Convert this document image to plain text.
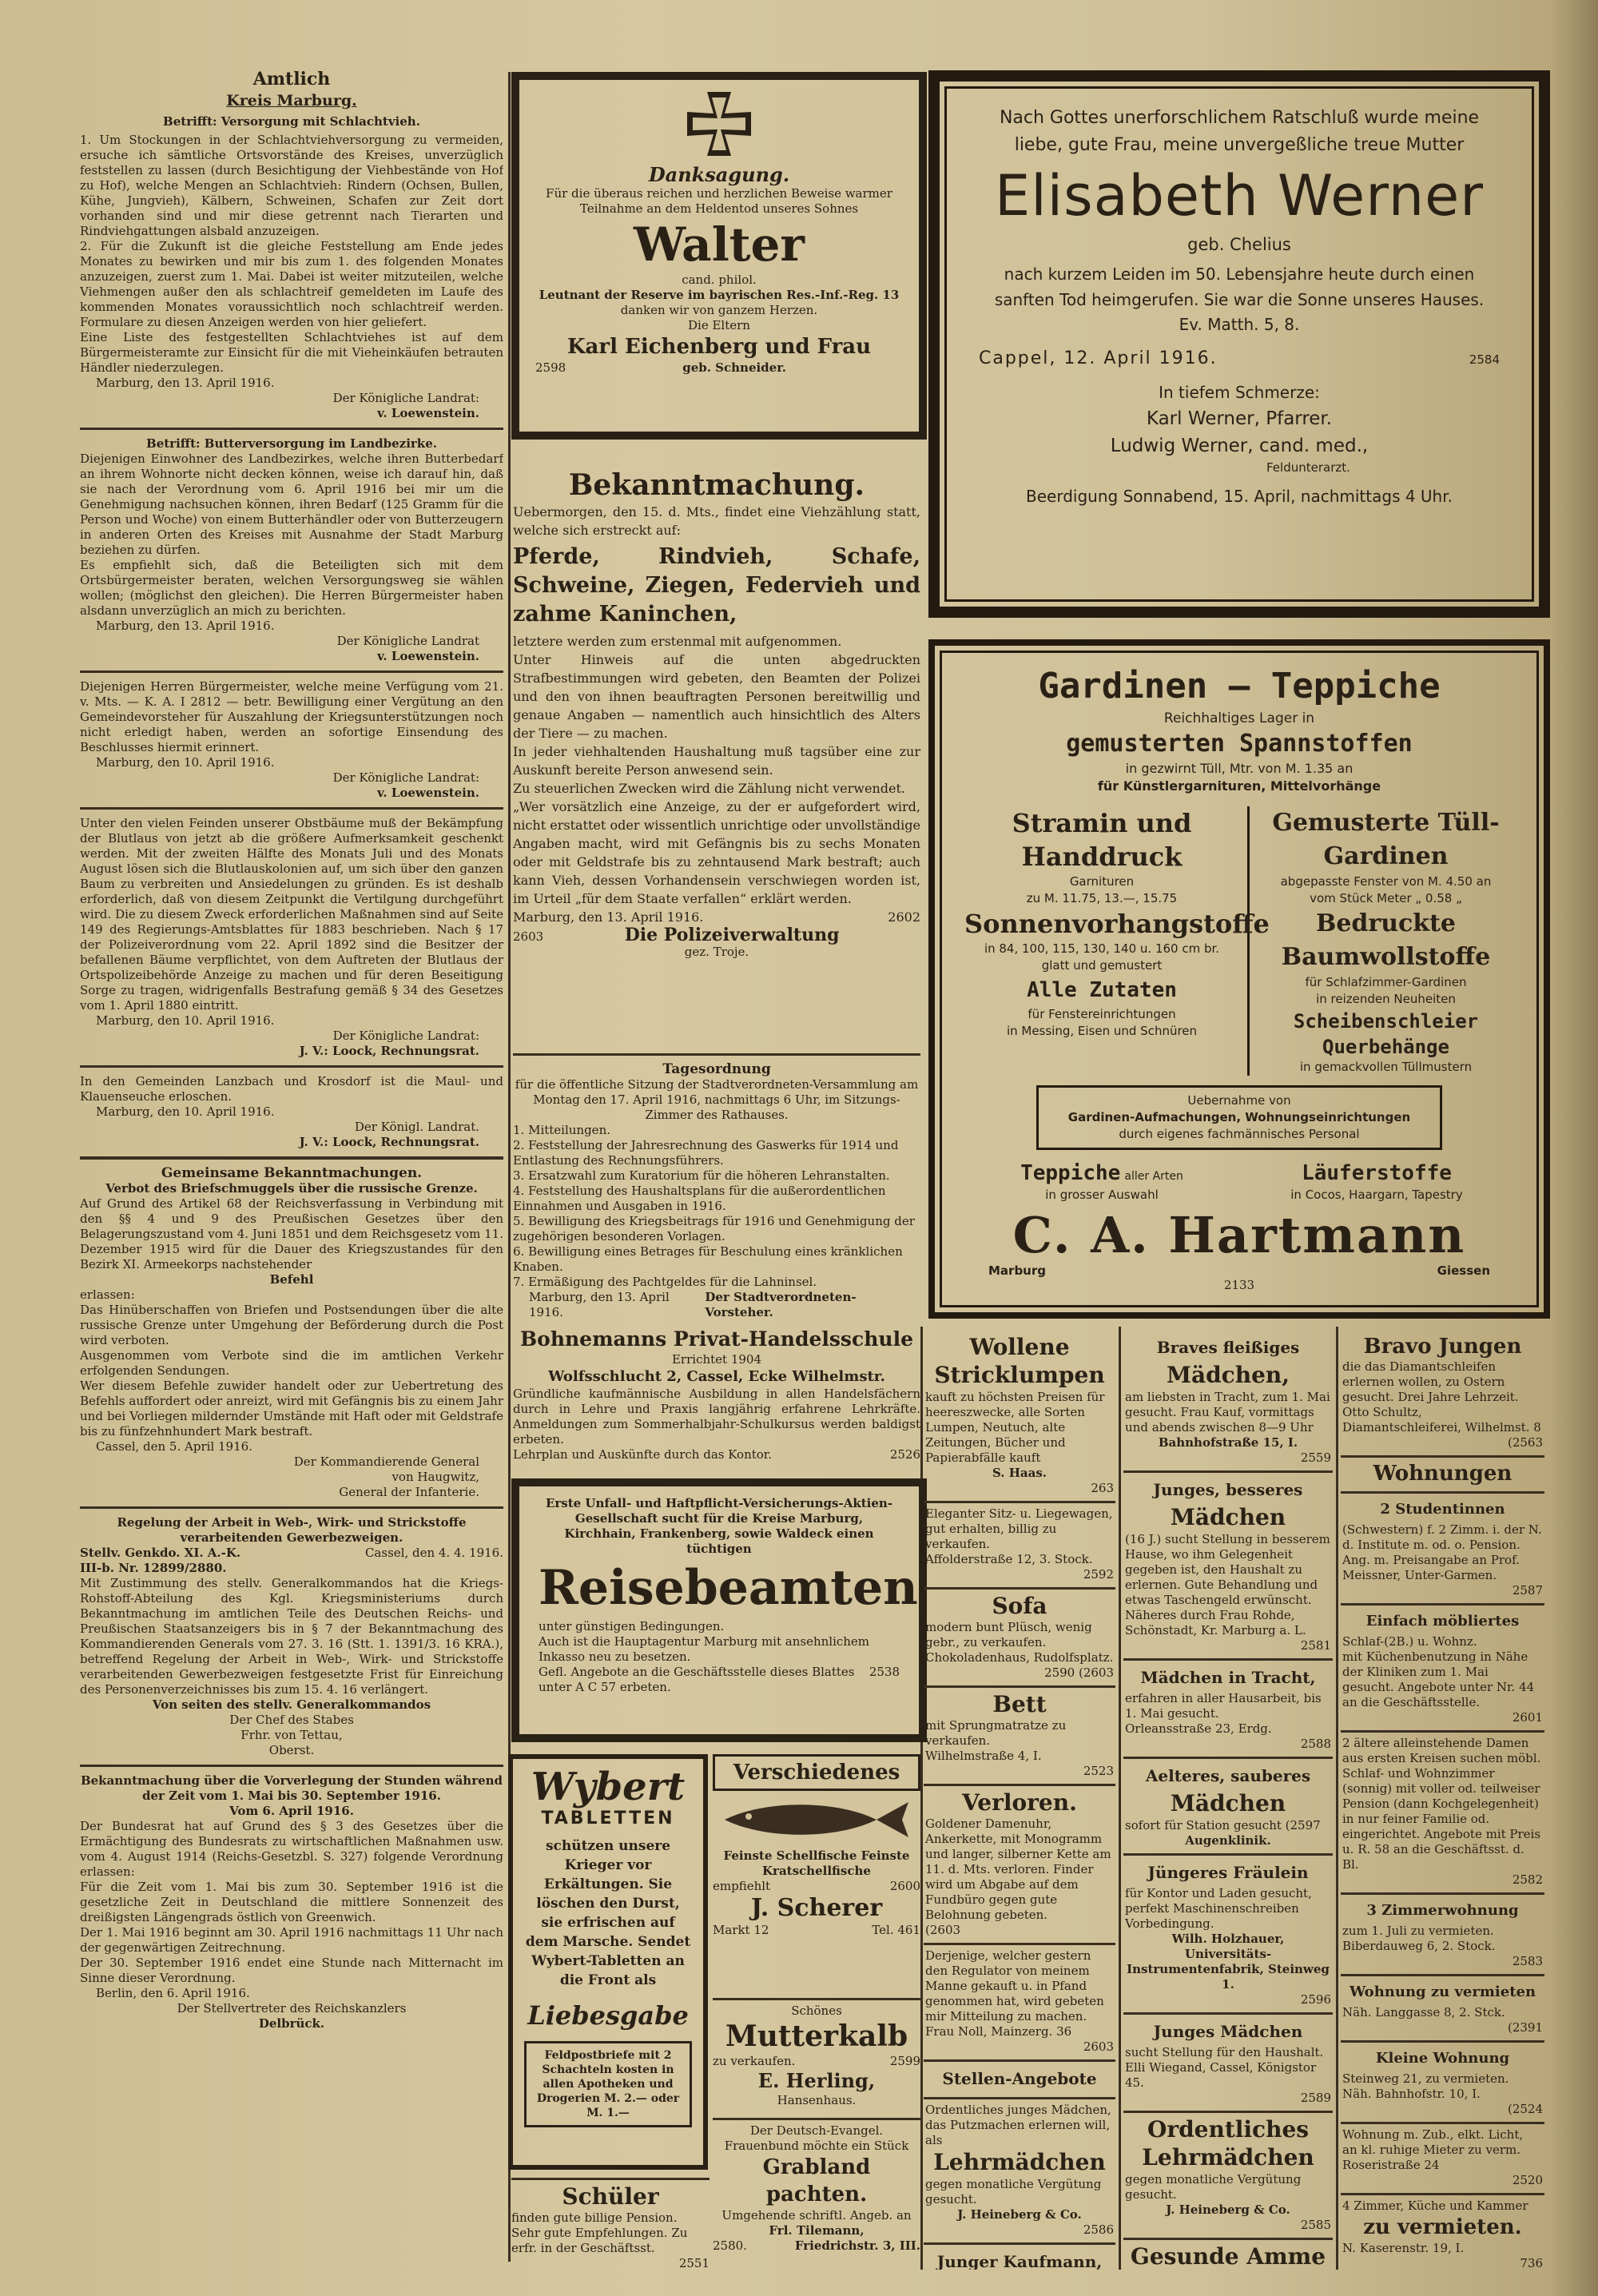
Amtlich

Kreis Marburg.

Betrifft: Versorgung mit Schlachtvieh.

1. Um Stockungen in der Schlachtviehversorgung zu vermeiden, ersuche ich sämtliche Ortsvorstände des Kreises, unverzüglich feststellen zu lassen (durch Besichtigung der Viehbestände von Hof zu Hof), welche Mengen an Schlachtvieh: Rindern (Ochsen, Bullen, Kühe, Jungvieh), Kälbern, Schweinen, Schafen zur Zeit dort vorhanden sind und mir diese getrennt nach Tierarten und Rindviehgattungen alsbald anzuzeigen.

2. Für die Zukunft ist die gleiche Feststellung am Ende jedes Monates zu bewirken und mir bis zum 1. des folgenden Monates anzuzeigen, zuerst zum 1. Mai. Dabei ist weiter mitzuteilen, welche Viehmengen außer den als schlachtreif gemeldeten im Laufe des kommenden Monates voraussichtlich noch schlachtreif werden. Formulare zu diesen Anzeigen werden von hier geliefert.

Eine Liste des festgestellten Schlachtviehes ist auf dem Bürgermeisteramte zur Einsicht für die mit Vieheinkäufen betrauten Händler niederzulegen.

Marburg, den 13. April 1916.

Der Königliche Landrat:

v. Loewenstein.

Betrifft: Butterversorgung im Landbezirke.

Diejenigen Einwohner des Landbezirkes, welche ihren Butterbedarf an ihrem Wohnorte nicht decken können, weise ich darauf hin, daß sie nach der Verordnung vom 6. April 1916 bei mir um die Genehmigung nachsuchen können, ihren Bedarf (125 Gramm für die Person und Woche) von einem Butterhändler oder von Butterzeugern in anderen Orten des Kreises mit Ausnahme der Stadt Marburg beziehen zu dürfen.

Es empfiehlt sich, daß die Beteiligten sich mit dem Ortsbürgermeister beraten, welchen Versorgungsweg sie wählen wollen; (möglichst den gleichen). Die Herren Bürgermeister haben alsdann unverzüglich an mich zu berichten.

Marburg, den 13. April 1916.

Der Königliche Landrat

v. Loewenstein.

Diejenigen Herren Bürgermeister, welche meine Verfügung vom 21. v. Mts. — K. A. I 2812 — betr. Bewilligung einer Vergütung an den Gemeindevorsteher für Auszahlung der Kriegsunterstützungen noch nicht erledigt haben, werden an sofortige Einsendung des Beschlusses hiermit erinnert.

Marburg, den 10. April 1916.

Der Königliche Landrat:

v. Loewenstein.

Unter den vielen Feinden unserer Obstbäume muß der Bekämpfung der Blutlaus von jetzt ab die größere Aufmerksamkeit geschenkt werden. Mit der zweiten Hälfte des Monats Juli und des Monats August lösen sich die Blutlauskolonien auf, um sich über den ganzen Baum zu verbreiten und Ansiedelungen zu gründen. Es ist deshalb erforderlich, daß von diesem Zeitpunkt die Vertilgung durchgeführt wird. Die zu diesem Zweck erforderlichen Maßnahmen sind auf Seite 149 des Regierungs-Amtsblattes für 1883 beschrieben. Nach § 17 der Polizeiverordnung vom 22. April 1892 sind die Besitzer der befallenen Bäume verpflichtet, von dem Auftreten der Blutlaus der Ortspolizeibehörde Anzeige zu machen und für deren Beseitigung Sorge zu tragen, widrigenfalls Bestrafung gemäß § 34 des Gesetzes vom 1. April 1880 eintritt.

Marburg, den 10. April 1916.

Der Königliche Landrat:

J. V.: Loock, Rechnungsrat.

In den Gemeinden Lanzbach und Krosdorf ist die Maul- und Klauenseuche erloschen.

Marburg, den 10. April 1916.

Der Königl. Landrat.

J. V.: Loock, Rechnungsrat.

Gemeinsame Bekanntmachungen.

Verbot des Briefschmuggels über die russische Grenze.

Auf Grund des Artikel 68 der Reichsverfassung in Verbindung mit den §§ 4 und 9 des Preußischen Gesetzes über den Belagerungszustand vom 4. Juni 1851 und dem Reichsgesetz vom 11. Dezember 1915 wird für die Dauer des Kriegszustandes für den Bezirk XI. Armeekorps nachstehender

Befehl

erlassen:

Das Hinüberschaffen von Briefen und Postsendungen über die alte russische Grenze unter Umgehung der Beförderung durch die Post wird verboten.

Ausgenommen vom Verbote sind die im amtlichen Verkehr erfolgenden Sendungen.

Wer diesem Befehle zuwider handelt oder zur Uebertretung des Befehls auffordert oder anreizt, wird mit Gefängnis bis zu einem Jahr und bei Vorliegen mildernder Umstände mit Haft oder mit Geldstrafe bis zu fünfzehnhundert Mark bestraft.

Cassel, den 5. April 1916.

Der Kommandierende General

von Haugwitz,

General der Infanterie.

Regelung der Arbeit in Web-, Wirk- und Strickstoffe verarbeitenden Gewerbezweigen.

Stellv. Genkdo. XI. A.-K.	Cassel, den 4. 4. 1916.

III-b. Nr. 12899/2880.

Mit Zustimmung des stellv. Generalkommandos hat die Kriegs-Rohstoff-Abteilung des Kgl. Kriegsministeriums durch Bekanntmachung im amtlichen Teile des Deutschen Reichs- und Preußischen Staatsanzeigers bis in § 7 der Bekanntmachung des Kommandierenden Generals vom 27. 3. 16 (Stt. 1. 1391/3. 16 KRA.), betreffend Regelung der Arbeit in Web-, Wirk- und Strickstoffe verarbeitenden Gewerbezweigen festgesetzte Frist für Einreichung des Personenverzeichnisses bis zum 15. 4. 16 verlängert.

Von seiten des stellv. Generalkommandos

Der Chef des Stabes

Frhr. von Tettau,

Oberst.

Bekanntmachung über die Vorverlegung der Stunden während der Zeit vom 1. Mai bis 30. September 1916.

Vom 6. April 1916.

Der Bundesrat hat auf Grund des § 3 des Gesetzes über die Ermächtigung des Bundesrats zu wirtschaftlichen Maßnahmen usw. vom 4. August 1914 (Reichs-Gesetzbl. S. 327) folgende Verordnung erlassen:

Für die Zeit vom 1. Mai bis zum 30. September 1916 ist die gesetzliche Zeit in Deutschland die mittlere Sonnenzeit des dreißigsten Längengrads östlich von Greenwich.

Der 1. Mai 1916 beginnt am 30. April 1916 nachmittags 11 Uhr nach der gegenwärtigen Zeitrechnung.

Der 30. September 1916 endet eine Stunde nach Mitternacht im Sinne dieser Verordnung.

Berlin, den 6. April 1916.

Der Stellvertreter des Reichskanzlers

Delbrück.

Danksagung.

Für die überaus reichen und herzlichen Beweise warmer Teilnahme an dem Heldentod unseres Sohnes

Walter

cand. philol.

Leutnant der Reserve im bayrischen Res.-Inf.-Reg. 13

danken wir von ganzem Herzen.

Die Eltern

Karl Eichenberg und Frau

2598	geb. Schneider.

Bekanntmachung.

Uebermorgen, den 15. d. Mts., findet eine Viehzählung statt, welche sich erstreckt auf:

Pferde, Rindvieh, Schafe, Schweine, Ziegen, Federvieh und zahme Kaninchen,

letztere werden zum erstenmal mit aufgenommen.

Unter Hinweis auf die unten abgedruckten Strafbestimmungen wird gebeten, den Beamten der Polizei und den von ihnen beauftragten Personen bereitwillig und genaue Angaben — namentlich auch hinsichtlich des Alters der Tiere — zu machen.

In jeder viehhaltenden Haushaltung muß tagsüber eine zur Auskunft bereite Person anwesend sein.

Zu steuerlichen Zwecken wird die Zählung nicht verwendet.

„Wer vorsätzlich eine Anzeige, zu der er aufgefordert wird, nicht erstattet oder wissentlich unrichtige oder unvollständige Angaben macht, wird mit Gefängnis bis zu sechs Monaten oder mit Geldstrafe bis zu zehntausend Mark bestraft; auch kann Vieh, dessen Vorhandensein verschwiegen worden ist, im Urteil „für dem Staate verfallen“ erklärt werden.

Marburg, den 13. April 1916.	2602
2603	Die Polizeiverwaltung

gez. Troje.

Tagesordnung

für die öffentliche Sitzung der Stadtverordneten-Versammlung am Montag den 17. April 1916, nachmittags 6 Uhr, im Sitzungs-Zimmer des Rathauses.

1. Mitteilungen.

2. Feststellung der Jahresrechnung des Gaswerks für 1914 und Entlastung des Rechnungsführers.

3. Ersatzwahl zum Kuratorium für die höheren Lehranstalten.

4. Feststellung des Haushaltsplans für die außerordentlichen Einnahmen und Ausgaben in 1916.

5. Bewilligung des Kriegsbeitrags für 1916 und Genehmigung der zugehörigen besonderen Vorlagen.

6. Bewilligung eines Betrages für Beschulung eines kränklichen Knaben.

7. Ermäßigung des Pachtgeldes für die Lahninsel.

Marburg, den 13. April 1916.
Der Stadtverordneten-Vorsteher.

Bohnemanns Privat-Handelsschule

Errichtet 1904

Wolfsschlucht 2, Cassel, Ecke Wilhelmstr.

Gründliche kaufmännische Ausbildung in allen Handelsfächern durch in Lehre und Praxis langjährig erfahrene Lehrkräfte. Anmeldungen zum Sommerhalbjahr-Schulkursus werden baldigst erbeten.

Lehrplan und Auskünfte durch das Kontor.	2526

Erste Unfall- und Haftpflicht-Versicherungs-Aktien-Gesellschaft sucht für die Kreise Marburg, Kirchhain, Frankenberg, sowie Waldeck einen tüchtigen

Reisebeamten

unter günstigen Bedingungen.

Auch ist die Hauptagentur Marburg mit ansehnlichem Inkasso neu zu besetzen.

Gefl. Angebote an die Geschäftsstelle dieses Blattes unter A C 57 erbeten.
2538

Wybert

TABLETTEN

schützen unsere Krieger vor Erkältungen. Sie löschen den Durst, sie erfrischen auf dem Marsche. Sendet Wybert-Tabletten an die Front als

Liebesgabe

Feldpostbriefe mit 2 Schachteln kosten in allen Apotheken und Drogerien M. 2.— oder M. 1.—

Verschiedenes

Feinste Schellfische Feinste Kratschellfische

empfiehlt	2600

J. Scherer

Markt 12	Tel. 461

Schönes

Mutterkalb

zu verkaufen.	2599

E. Herling,

Hansenhaus.

Schüler

finden gute billige Pension. Sehr gute Empfehlungen. Zu erfr. in der Geschäftsst.

2551

Der Deutsch-Evangel. Frauenbund möchte ein Stück

Grabland pachten.

Umgehende schriftl. Angeb. an

Frl. Tilemann,

2580.	Friedrichstr. 3, III.

Nach Gottes unerforschlichem Ratschluß wurde meine liebe, gute Frau, meine unvergeßliche treue Mutter

Elisabeth Werner

geb. Chelius

nach kurzem Leiden im 50. Lebensjahre heute durch einen sanften Tod heimgerufen. Sie war die Sonne unseres Hauses.

Ev. Matth. 5, 8.

Cappel, 12. April 1916.	2584

In tiefem Schmerze:

Karl Werner, Pfarrer.

Ludwig Werner, cand. med.,

Feldunterarzt.

Beerdigung Sonnabend, 15. April, nachmittags 4 Uhr.

Gardinen — Teppiche

Reichhaltiges Lager in

gemusterten Spannstoffen

in gezwirnt Tüll, Mtr. von M. 1.35 an

für Künstlergarnituren, Mittelvorhänge

Stramin und Handdruck

Garnituren

zu M. 11.75, 13.—, 15.75

Sonnenvorhangstoffe

in 84, 100, 115, 130, 140 u. 160 cm br.

glatt und gemustert

Alle Zutaten

für Fenstereinrichtungen

in Messing, Eisen und Schnüren

Gemusterte Tüll-Gardinen

abgepasste Fenster von M. 4.50 an

vom Stück Meter „ 0.58 „

Bedruckte Baumwollstoffe

für Schlafzimmer-Gardinen

in reizenden Neuheiten

Scheibenschleier

Querbehänge

in gemackvollen Tüllmustern

Uebernahme von

Gardinen-Aufmachungen, Wohnungseinrichtungen

durch eigenes fachmännisches Personal

Teppiche aller Arten

in grosser Auswahl

Läuferstoffe

in Cocos, Haargarn, Tapestry

C. A. Hartmann

Marburg	Giessen

2133

Wollene

Stricklumpen

kauft zu höchsten Preisen für heereszwecke, alle Sorten Lumpen, Neutuch, alte Zeitungen, Bücher und Papierabfälle kauft

S. Haas.

263

Eleganter Sitz- u. Liegewagen,

gut erhalten, billig zu verkaufen.

Affolderstraße 12, 3. Stock.

2592

Sofa

modern bunt Plüsch, wenig gebr., zu verkaufen.

Chokoladenhaus, Rudolfsplatz.

2590 (2603

Bett

mit Sprungmatratze zu verkaufen.

Wilhelmstraße 4, I.

2523

Verloren.

Goldener Damenuhr, Ankerkette, mit Monogramm und langer, silberner Kette am 11. d. Mts. verloren. Finder wird um Abgabe auf dem Fundbüro gegen gute Belohnung gebeten.

(2603

Derjenige, welcher gestern den Regulator von meinem Manne gekauft u. in Pfand genommen hat, wird gebeten mir Mitteilung zu machen.

Frau Noll, Mainzerg. 36

2603

Stellen-Angebote

Ordentliches junges Mädchen, das Putzmachen erlernen will, als

Lehrmädchen

gegen monatliche Vergütung gesucht.

J. Heineberg & Co.

2586

Junger Kaufmann,

Braves fleißiges

Mädchen,

am liebsten in Tracht, zum 1. Mai gesucht. Frau Kauf, vormittags und abends zwischen 8—9 Uhr

Bahnhofstraße 15, I.

2559

Junges, besseres

Mädchen

(16 J.) sucht Stellung in besserem Hause, wo ihm Gelegenheit gegeben ist, den Haushalt zu erlernen. Gute Behandlung und etwas Taschengeld erwünscht. Näheres durch Frau Rohde, Schönstadt, Kr. Marburg a. L.

2581

Mädchen in Tracht,

erfahren in aller Hausarbeit, bis 1. Mai gesucht.

Orleansstraße 23, Erdg.

2588

Aelteres, sauberes

Mädchen

sofort für Station gesucht (2597

Augenklinik.

Jüngeres Fräulein

für Kontor und Laden gesucht, perfekt Maschinenschreiben Vorbedingung.

Wilh. Holzhauer,

Universitäts-Instrumentenfabrik, Steinweg 1.

2596

Junges Mädchen

sucht Stellung für den Haushalt.

Elli Wiegand, Cassel, Königstor 45.

2589

Ordentliches

Lehrmädchen

gegen monatliche Vergütung gesucht.

J. Heineberg & Co.

2585

Gesunde Amme

Bravo Jungen

die das Diamantschleifen erlernen wollen, zu Ostern gesucht. Drei Jahre Lehrzeit.

Otto Schultz, Diamantschleiferei, Wilhelmst. 8

(2563

Wohnungen

2 Studentinnen

(Schwestern) f. 2 Zimm. i. der N. d. Institute m. od. o. Pension. Ang. m. Preisangabe an Prof. Meissner, Unter-Garmen.

2587

Einfach möbliertes

Schlaf-(2B.) u. Wohnz.

mit Küchenbenutzung in Nähe der Kliniken zum 1. Mai gesucht. Angebote unter Nr. 44 an die Geschäftsstelle.

2601

2 ältere alleinstehende Damen

aus ersten Kreisen suchen möbl. Schlaf- und Wohnzimmer (sonnig) mit voller od. teilweiser Pension (dann Kochgelegenheit) in nur feiner Familie od. eingerichtet. Angebote mit Preis u. R. 58 an die Geschäftsst. d. Bl.

2582

3 Zimmerwohnung

zum 1. Juli zu vermieten.

Biberdauweg 6, 2. Stock.

2583

Wohnung zu vermieten

Näh. Langgasse 8, 2. Stck.

(2391

Kleine Wohnung

Steinweg 21, zu vermieten.

Näh. Bahnhofstr. 10, I.

(2524

Wohnung m. Zub., elkt. Licht,

an kl. ruhige Mieter zu verm.

Roseristraße 24

2520

4 Zimmer, Küche und Kammer

zu vermieten.

N. Kaserenstr. 19, I.

736
